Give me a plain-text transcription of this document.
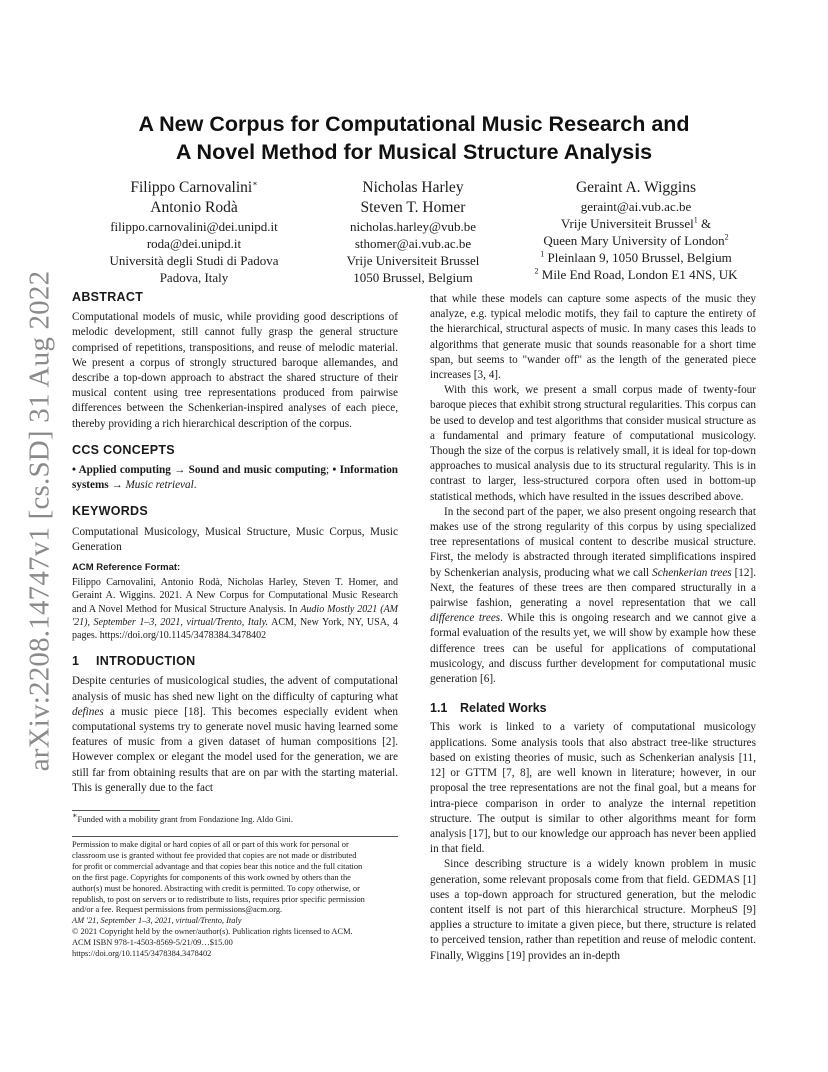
arXiv:2208.14747v1 [cs.SD] 31 Aug 2022
A New Corpus for Computational Music Research and
A Novel Method for Musical Structure Analysis
Filippo Carnovalini∗
Antonio Rodà
filippo.carnovalini@dei.unipd.it
roda@dei.unipd.it
Università degli Studi di Padova
Padova, Italy
Nicholas Harley
Steven T. Homer
nicholas.harley@vub.be
sthomer@ai.vub.ac.be
Vrije Universiteit Brussel
1050 Brussel, Belgium
Geraint A. Wiggins
geraint@ai.vub.ac.be
Vrije Universiteit Brussel$^1$ &
Queen Mary University of London$^2$
$^1$ Pleinlaan 9, 1050 Brussel, Belgium
$^2$ Mile End Road, London E1 4NS, UK
ABSTRACT

Computational models of music, while providing good descriptions of melodic development, still cannot fully grasp the general structure comprised of repetitions, transpositions, and reuse of melodic material. We present a corpus of strongly structured baroque allemandes, and describe a top-down approach to abstract the shared structure of their musical content using tree representations produced from pairwise differences between the Schenkerian-inspired analyses of each piece, thereby providing a rich hierarchical description of the corpus.

CCS CONCEPTS

• Applied computing → Sound and music computing; • Information systems → Music retrieval.

KEYWORDS

Computational Musicology, Musical Structure, Music Corpus, Music Generation

ACM Reference Format:

Filippo Carnovalini, Antonio Rodà, Nicholas Harley, Steven T. Homer, and Geraint A. Wiggins. 2021. A New Corpus for Computational Music Research and A Novel Method for Musical Structure Analysis. In Audio Mostly 2021 (AM '21), September 1–3, 2021, virtual/Trento, Italy. ACM, New York, NY, USA, 4 pages. https://doi.org/10.1145/3478384.3478402

1 INTRODUCTION

Despite centuries of musicological studies, the advent of computational analysis of music has shed new light on the difficulty of capturing what defines a music piece [18]. This becomes especially evident when computational systems try to generate novel music having learned some features of music from a given dataset of human compositions [2]. However complex or elegant the model used for the generation, we are still far from obtaining results that are on par with the starting material. This is generally due to the fact

that while these models can capture some aspects of the music they analyze, e.g. typical melodic motifs, they fail to capture the entirety of the hierarchical, structural aspects of music. In many cases this leads to algorithms that generate music that sounds reasonable for a short time span, but seems to "wander off" as the length of the generated piece increases [3, 4].

With this work, we present a small corpus made of twenty-four baroque pieces that exhibit strong structural regularities. This corpus can be used to develop and test algorithms that consider musical structure as a fundamental and primary feature of computational musicology. Though the size of the corpus is relatively small, it is ideal for top-down approaches to musical analysis due to its structural regularity. This is in contrast to larger, less-structured corpora often used in bottom-up statistical methods, which have resulted in the issues described above.

In the second part of the paper, we also present ongoing research that makes use of the strong regularity of this corpus by using specialized tree representations of musical content to describe musical structure. First, the melody is abstracted through iterated simplifications inspired by Schenkerian analysis, producing what we call Schenkerian trees [12]. Next, the features of these trees are then compared structurally in a pairwise fashion, generating a novel representation that we call difference trees. While this is ongoing research and we cannot give a formal evaluation of the results yet, we will show by example how these difference trees can be useful for applications of computational musicology, and discuss further development for computational music generation [6].

1.1 Related Works

This work is linked to a variety of computational musicology applications. Some analysis tools that also abstract tree-like structures based on existing theories of music, such as Schenkerian analysis [11, 12] or GTTM [7, 8], are well known in literature; however, in our proposal the tree representations are not the final goal, but a means for intra-piece comparison in order to analyze the internal repetition structure. The output is similar to other algorithms meant for form analysis [17], but to our knowledge our approach has never been applied in that field.

Since describing structure is a widely known problem in music generation, some relevant proposals come from that field. GEDMAS [1] uses a top-down approach for structured generation, but the melodic content itself is not part of this hierarchical structure. MorpheuS [9] applies a structure to imitate a given piece, but there, structure is related to perceived tension, rather than repetition and reuse of melodic content. Finally, Wiggins [19] provides an in-depth

∗Funded with a mobility grant from Fondazione Ing. Aldo Gini.
Permission to make digital or hard copies of all or part of this work for personal or
classroom use is granted without fee provided that copies are not made or distributed
for profit or commercial advantage and that copies bear this notice and the full citation
on the first page. Copyrights for components of this work owned by others than the
author(s) must be honored. Abstracting with credit is permitted. To copy otherwise, or
republish, to post on servers or to redistribute to lists, requires prior specific permission
and/or a fee. Request permissions from permissions@acm.org.
AM '21, September 1–3, 2021, virtual/Trento, Italy
© 2021 Copyright held by the owner/author(s). Publication rights licensed to ACM.
ACM ISBN 978-1-4503-8569-5/21/09…$15.00
https://doi.org/10.1145/3478384.3478402
